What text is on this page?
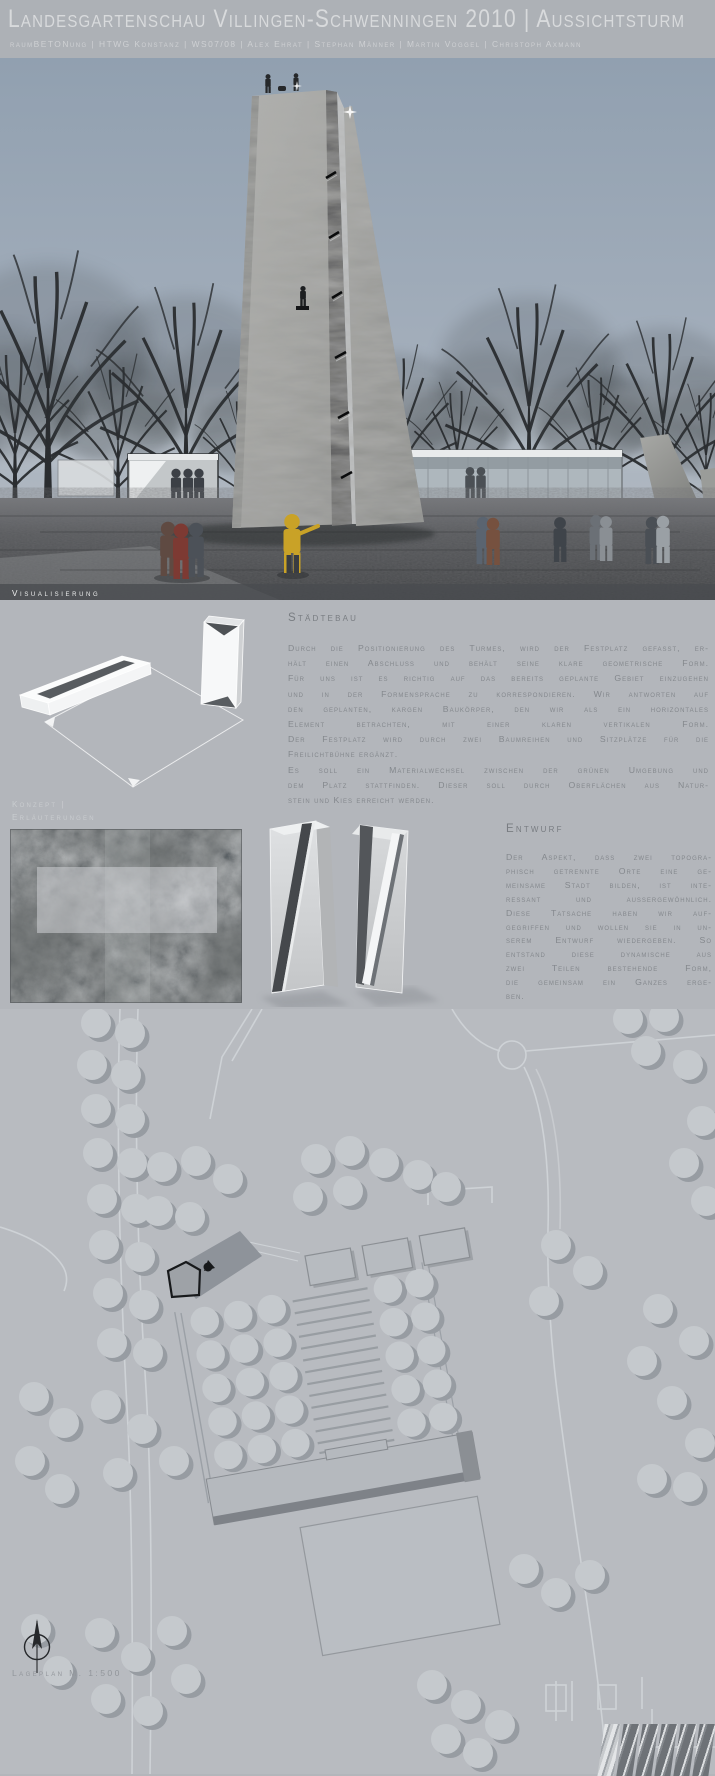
Landesgartenschau Villingen-Schwenningen 2010 | Aussichtsturm
raumBETONung | HTWG Konstanz | WS07/08 | Alex Ehrat | Stephan Männer | Martin Voggel | Christoph Axmann
Visualisierung
Städtebau
Durch die Positionierung des Turmes, wird der Festplatz gefasst, er-
hält einen Abschluss und behält seine klare geometrische Form.
Für uns ist es richtig auf das bereits geplante Gebiet einzugehen
und in der Formensprache zu korrespondieren. Wir antworten auf
den geplanten, kargen Baukörper, den wir als ein horizontales
Element betrachten, mit einer klaren vertikalen Form.
Der Festplatz wird durch zwei Baumreihen und Sitzplätze für die
Freilichtbühne ergänzt.
Es soll ein Materialwechsel zwischen der grünen Umgebung und
dem Platz stattfinden. Dieser soll durch Oberflächen aus Natur-
stein und Kies erreicht werden.
Konzept |
Erläuterungen
Entwurf
Der Aspekt, dass zwei topogra-
phisch getrennte Orte eine ge-
meinsame Stadt bilden, ist inte-
ressant und aussergewöhnlich.
Diese Tatsache haben wir auf-
gegriffen und wollen sie in un-
serem Entwurf wiedergeben. So
entstand diese dynamische aus
zwei Teilen bestehende Form,
die gemeinsam ein Ganzes erge-
ben.
Lageplan M. 1:500
